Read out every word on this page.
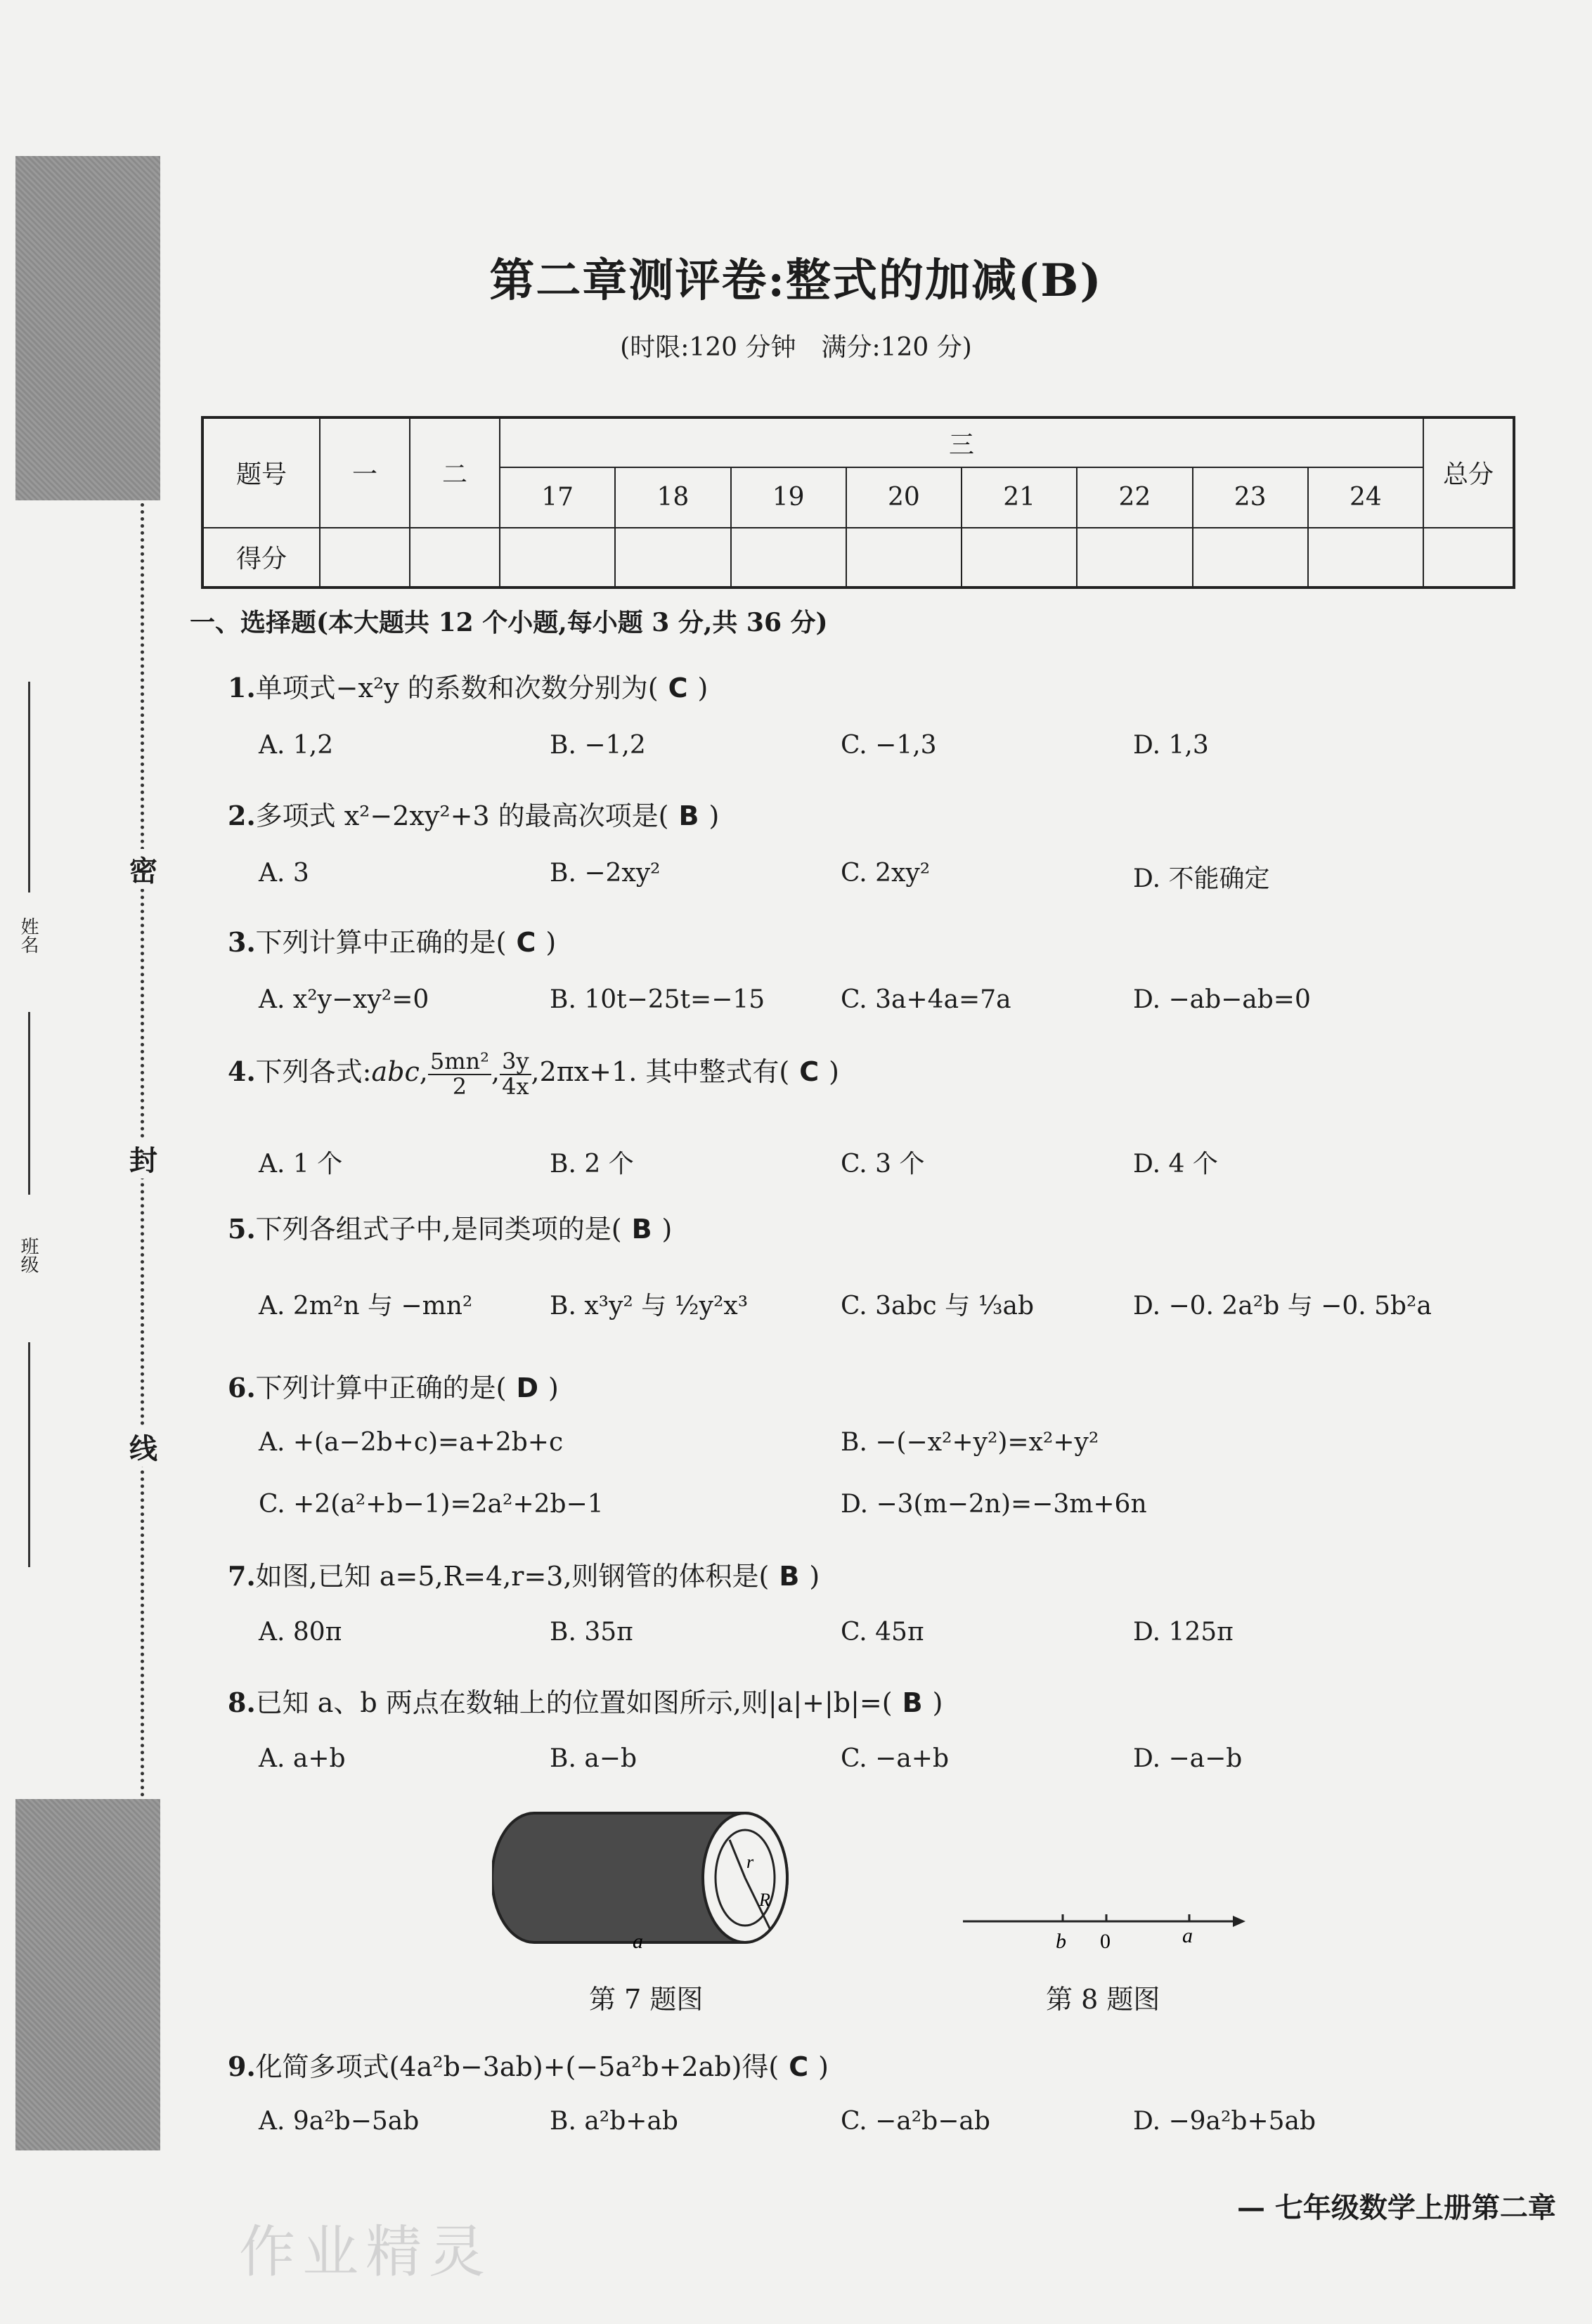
密
封
线
姓名
班级
第二章测评卷:整式的加减(B)
(时限:120 分钟　满分:120 分)
题号	一	二	三								总分
			17	18	19	20	21	22	23	24	
得分											
一、选择题(本大题共 12 个小题,每小题 3 分,共 36 分)
1.单项式−x²y 的系数和次数分别为( C )
A. 1,2	B. −1,2	C. −1,3	D. 1,3
2.多项式 x²−2xy²+3 的最高次项是( B )
A. 3	B. −2xy²	C. 2xy²	D. 不能确定
3.下列计算中正确的是( C )
A. x²y−xy²=0	B. 10t−25t=−15	C. 3a+4a=7a	D. −ab−ab=0
4.下列各式:abc, $\frac{\text{5mn²}}{2}$ , $\frac{3y}{4x} ,2\pi x+1$. 其中整式有( C )
A. 1 个	B. 2 个	C. 3 个	D. 4 个
5.下列各组式子中,是同类项的是( B )
A. 2m²n 与 −mn²	B. x³y² 与 ½y²x³	C. 3abc 与 ⅓ab	D. −0. 2a²b 与 −0. 5b²a
6.下列计算中正确的是( D )
A. +(a−2b+c)=a+2b+c	B. −(−x²+y²)=x²+y²
C. +2(a²+b−1)=2a²+2b−1	D. −3(m−2n)=−3m+6n
7.如图,已知 a=5,R=4,r=3,则钢管的体积是( B )
A. 80π	B. 35π	C. 45π	D. 125π
8.已知 a、b 两点在数轴上的位置如图所示,则|a|+|b|=( B )
A. a+b	B. a−b	C. −a+b	D. −a−b
r
R
a
第 7 题图
b 0	a
第 8 题图
9.化简多项式(4a²b−3ab)+(−5a²b+2ab)得( C )
A. 9a²b−5ab	B. a²b+ab	C. −a²b−ab	D. −9a²b+5ab
作业精灵
— 七年级数学上册第二章
